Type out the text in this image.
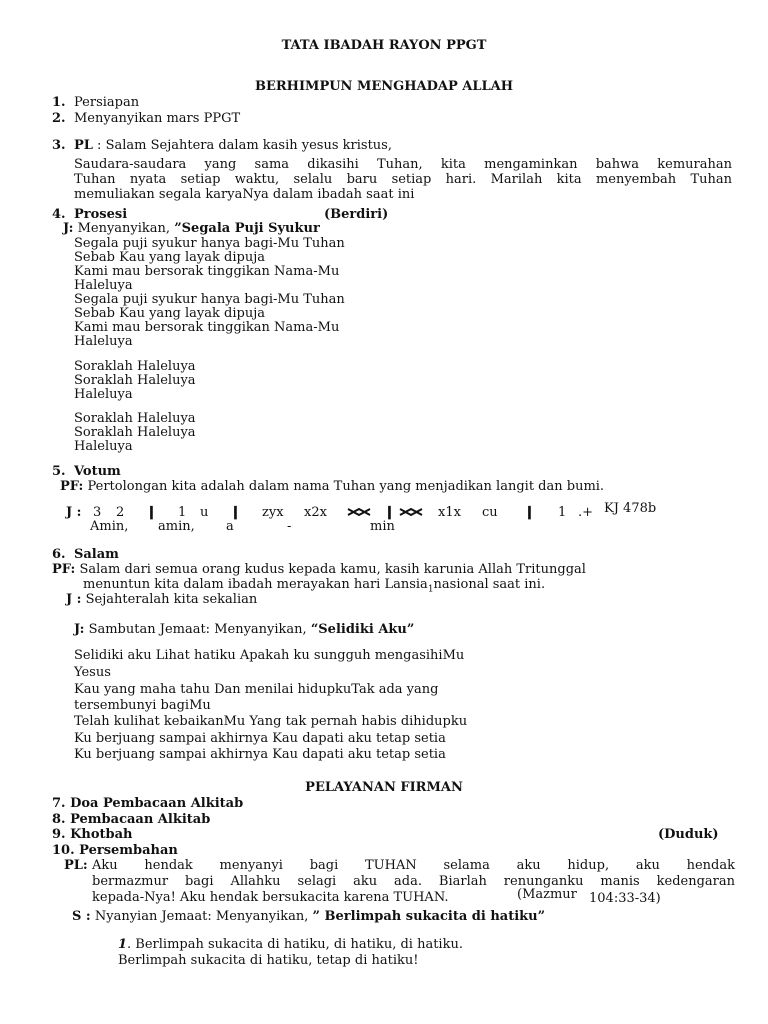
TATA IBADAH RAYON PPGT
BERHIMPUN MENGHADAP ALLAH
1. Persiapan
2. Menyanyikan mars PPGT
3. PL : Salam Sejahtera dalam kasih yesus kristus,
Saudara-saudara yang sama dikasihi Tuhan, kita mengaminkan bahwa kemurahan
Tuhan nyata setiap waktu, selalu baru setiap hari. Marilah kita menyembah Tuhan
memuliakan segala karyaNya dalam ibadah saat ini
4. Prosesi	(Berdiri)
J: Menyanyikan, ”Segala Puji Syukur
Segala puji syukur hanya bagi-Mu Tuhan
Sebab Kau yang layak dipuja
Kami mau bersorak tinggikan Nama-Mu
Haleluya
Segala puji syukur hanya bagi-Mu Tuhan
Sebab Kau yang layak dipuja
Kami mau bersorak tinggikan Nama-Mu
Haleluya
Soraklah Haleluya
Soraklah Haleluya
Haleluya
Soraklah Haleluya
Soraklah Haleluya
Haleluya
5. Votum
PF: Pertolongan kita adalah dalam nama Tuhan yang menjadikan langit dan bumi.
J : 3 2 ❙ 1 u ❙ zyx x2x	❙	x1x cu ❙ 1 .+ KJ 478b
Amin, amin, a	-	min
6. Salam
PF: Salam dari semua orang kudus kepada kamu, kasih karunia Allah Tritunggal
menuntun kita dalam ibadah merayakan hari Lansia$_1$nasional saat ini.
J : Sejahteralah kita sekalian
J: Sambutan Jemaat: Menyanyikan, “Selidiki Aku”
Selidiki aku Lihat hatiku Apakah ku sungguh mengasihiMu
Yesus
Kau yang maha tahu Dan menilai hidupkuTak ada yang
tersembunyi bagiMu
Telah kulihat kebaikanMu Yang tak pernah habis dihidupku
Ku berjuang sampai akhirnya Kau dapati aku tetap setia
Ku berjuang sampai akhirnya Kau dapati aku tetap setia
PELAYANAN FIRMAN
7. Doa Pembacaan Alkitab
8. Pembacaan Alkitab
9. Khotbah	(Duduk)
10. Persembahan
PL: Aku hendak menyanyi bagi TUHAN selama aku hidup, aku hendak
bermazmur bagi Allahku selagi aku ada. Biarlah renunganku manis kedengaran
kepada-Nya! Aku hendak bersukacita karena TUHAN.	(Mazmur 104:33-34)
S : Nyanyian Jemaat: Menyanyikan, ” Berlimpah sukacita di hatiku”
1. Berlimpah sukacita di hatiku, di hatiku, di hatiku.
Berlimpah sukacita di hatiku, tetap di hatiku!
